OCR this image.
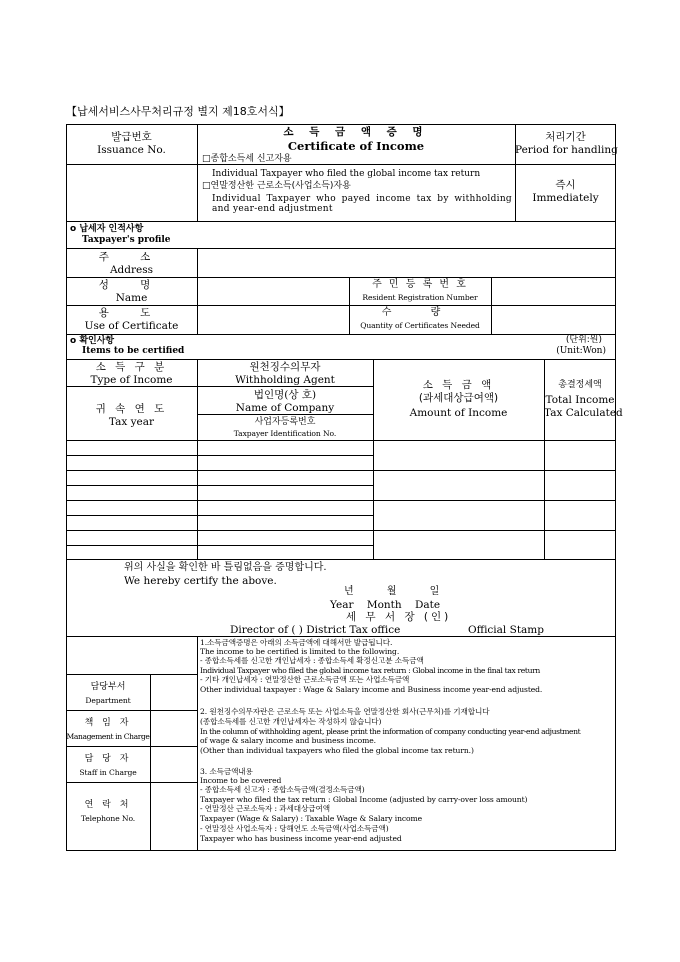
【납세서비스사무처리규정 별지 제18호서식】
발급번호
Issuance No.
소 득 금 액 증 명
Certificate of Income
□종합소득세 신고자용
Individual Taxpayer who filed the global income tax return
□연말정산한 근로소득(사업소득)자용
Individual Taxpayer who payed income tax by withholding and year-end adjustment
처리기간
Period for handling
즉시
Immediately
o 납세자 인적사항
Taxpayer's profile
주 소
Address
성 명
Name
주 민 등 록 번 호
Resident Registration Number
용 도
Use of Certificate
수 량
Quantity of Certificates Needed
o 확인사항
Items to be certified
(단위:원)
(Unit:Won)
소 득 구 분
Type of Income
귀 속 연 도
Tax year
원천징수의무자
Withholding Agent
법인명(상 호)
Name of Company
사업자등록번호
Taxpayer Identification No.
소 득 금 액
(과세대상급여액)
Amount of Income
총결정세액
Total Income
Tax Calculated
위의 사실을 확인한 바 틀림없음을 증명합니다.
We hereby certify the above.
년 월 일
Year Month Date
세 무 서 장 (인)
Director of ( ) District Tax office	Official Stamp
담당부서
Department
책 임 자
Management in Charge
담 당 자
Staff in Charge
연 락 처
Telephone No.
1.소득금액증명은 아래의 소득금액에 대해서만 발급됩니다.
The income to be certified is limited to the following.
- 종합소득세를 신고한 개인납세자 : 종합소득세 확정신고분 소득금액
Individual Taxpayer who filed the global income tax return : Global income in the final tax return
- 기타 개인납세자 : 연말정산한 근로소득금액 또는 사업소득금액
Other individual taxpayer : Wage & Salary income and Business income year-end adjusted.
2. 원천징수의무자란은 근로소득 또는 사업소득을 연말정산한 회사(근무처)를 기재합니다
(종합소득세를 신고한 개인납세자는 작성하지 않습니다)
In the column of withholding agent, please print the information of company conducting year-end adjustment
of wage & salary income and business income.
(Other than individual taxpayers who filed the global income tax return.)
3. 소득금액내용
Income to be covered
- 종합소득세 신고자 : 종합소득금액(결정소득금액)
Taxpayer who filed the tax return : Global Income (adjusted by carry-over loss amount)
- 연말정산 근로소득자 : 과세대상급여액
Taxpayer (Wage & Salary) : Taxable Wage & Salary income
- 연말정산 사업소득자 : 당해연도 소득금액(사업소득금액)
Taxpayer who has business income year-end adjusted
